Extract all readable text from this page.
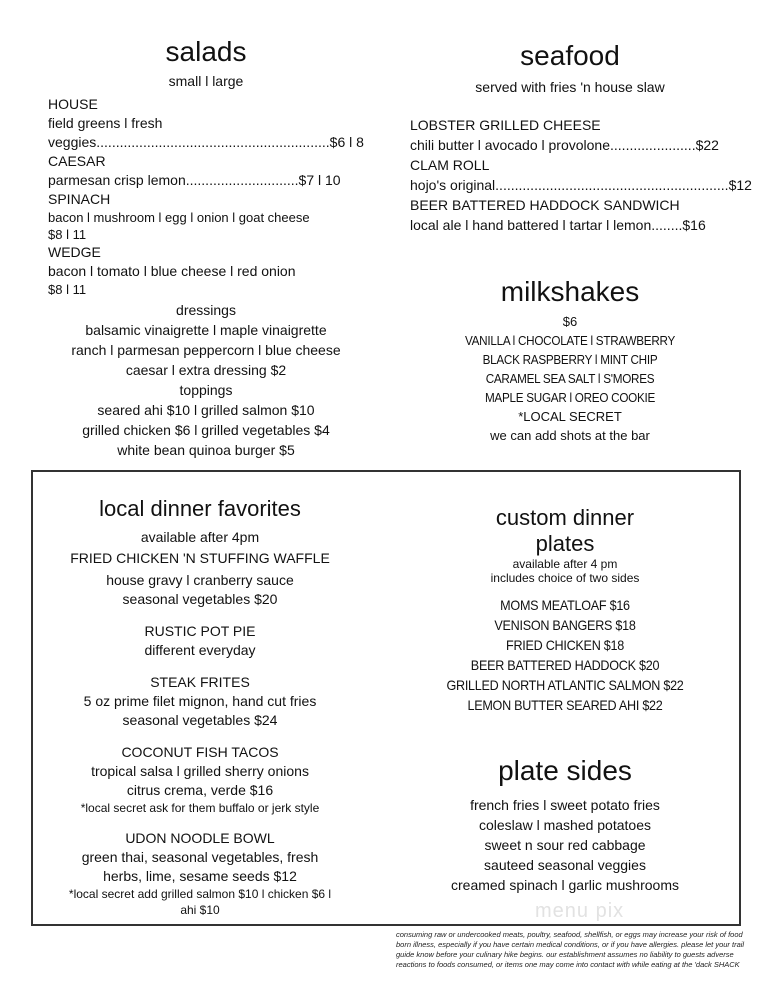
salads
small l large
HOUSE
field greens l fresh
veggies............................................................$6 l 8
CAESAR
parmesan crisp lemon.............................$7 l 10
SPINACH
bacon l mushroom l egg l onion l goat cheese
$8 l 11
WEDGE
bacon l tomato l blue cheese l red onion
$8 l 11
dressings
balsamic vinaigrette l maple vinaigrette
ranch l parmesan peppercorn l blue cheese
caesar l extra dressing $2
toppings
seared ahi $10 l grilled salmon $10
grilled chicken $6 l grilled vegetables $4
white bean quinoa burger $5
seafood
served with fries 'n house slaw
LOBSTER GRILLED CHEESE
chili butter l avocado l provolone......................$22
CLAM ROLL
hojo's original............................................................$12
BEER BATTERED HADDOCK SANDWICH
local ale l hand battered l tartar l lemon........$16
milkshakes
$6
VANILLA l CHOCOLATE l STRAWBERRY
BLACK RASPBERRY l MINT CHIP
CARAMEL SEA SALT l S'MORES
MAPLE SUGAR l OREO COOKIE
*LOCAL SECRET
we can add shots at the bar
local dinner favorites
available after 4pm
FRIED CHICKEN 'N STUFFING WAFFLE
house gravy l cranberry sauce
seasonal vegetables $20
RUSTIC POT PIE
different everyday
STEAK FRITES
5 oz prime filet mignon, hand cut fries
seasonal vegetables $24
COCONUT FISH TACOS
tropical salsa l grilled sherry onions
citrus crema, verde $16
*local secret ask for them buffalo or jerk style
UDON NOODLE BOWL
green thai, seasonal vegetables, fresh
herbs, lime, sesame seeds $12
*local secret add grilled salmon $10 l chicken $6 l
ahi $10
custom dinner
plates
available after 4 pm
includes choice of two sides
MOMS MEATLOAF $16
VENISON BANGERS $18
FRIED CHICKEN $18
BEER BATTERED HADDOCK $20
GRILLED NORTH ATLANTIC SALMON $22
LEMON BUTTER SEARED AHI $22
plate sides
french fries l sweet potato fries
coleslaw l mashed potatoes
sweet n sour red cabbage
sauteed seasonal veggies
creamed spinach l garlic mushrooms
menu pix
consuming raw or undercooked meats, poultry, seafood, shellfish, or eggs may increase your risk of food born illness, especially if you have certain medical conditions, or if you have allergies. please let your trail guide know before your culinary hike begins. our establishment assumes no liability to guests adverse reactions to foods consumed, or items one may come into contact with while eating at the 'dack SHACK
